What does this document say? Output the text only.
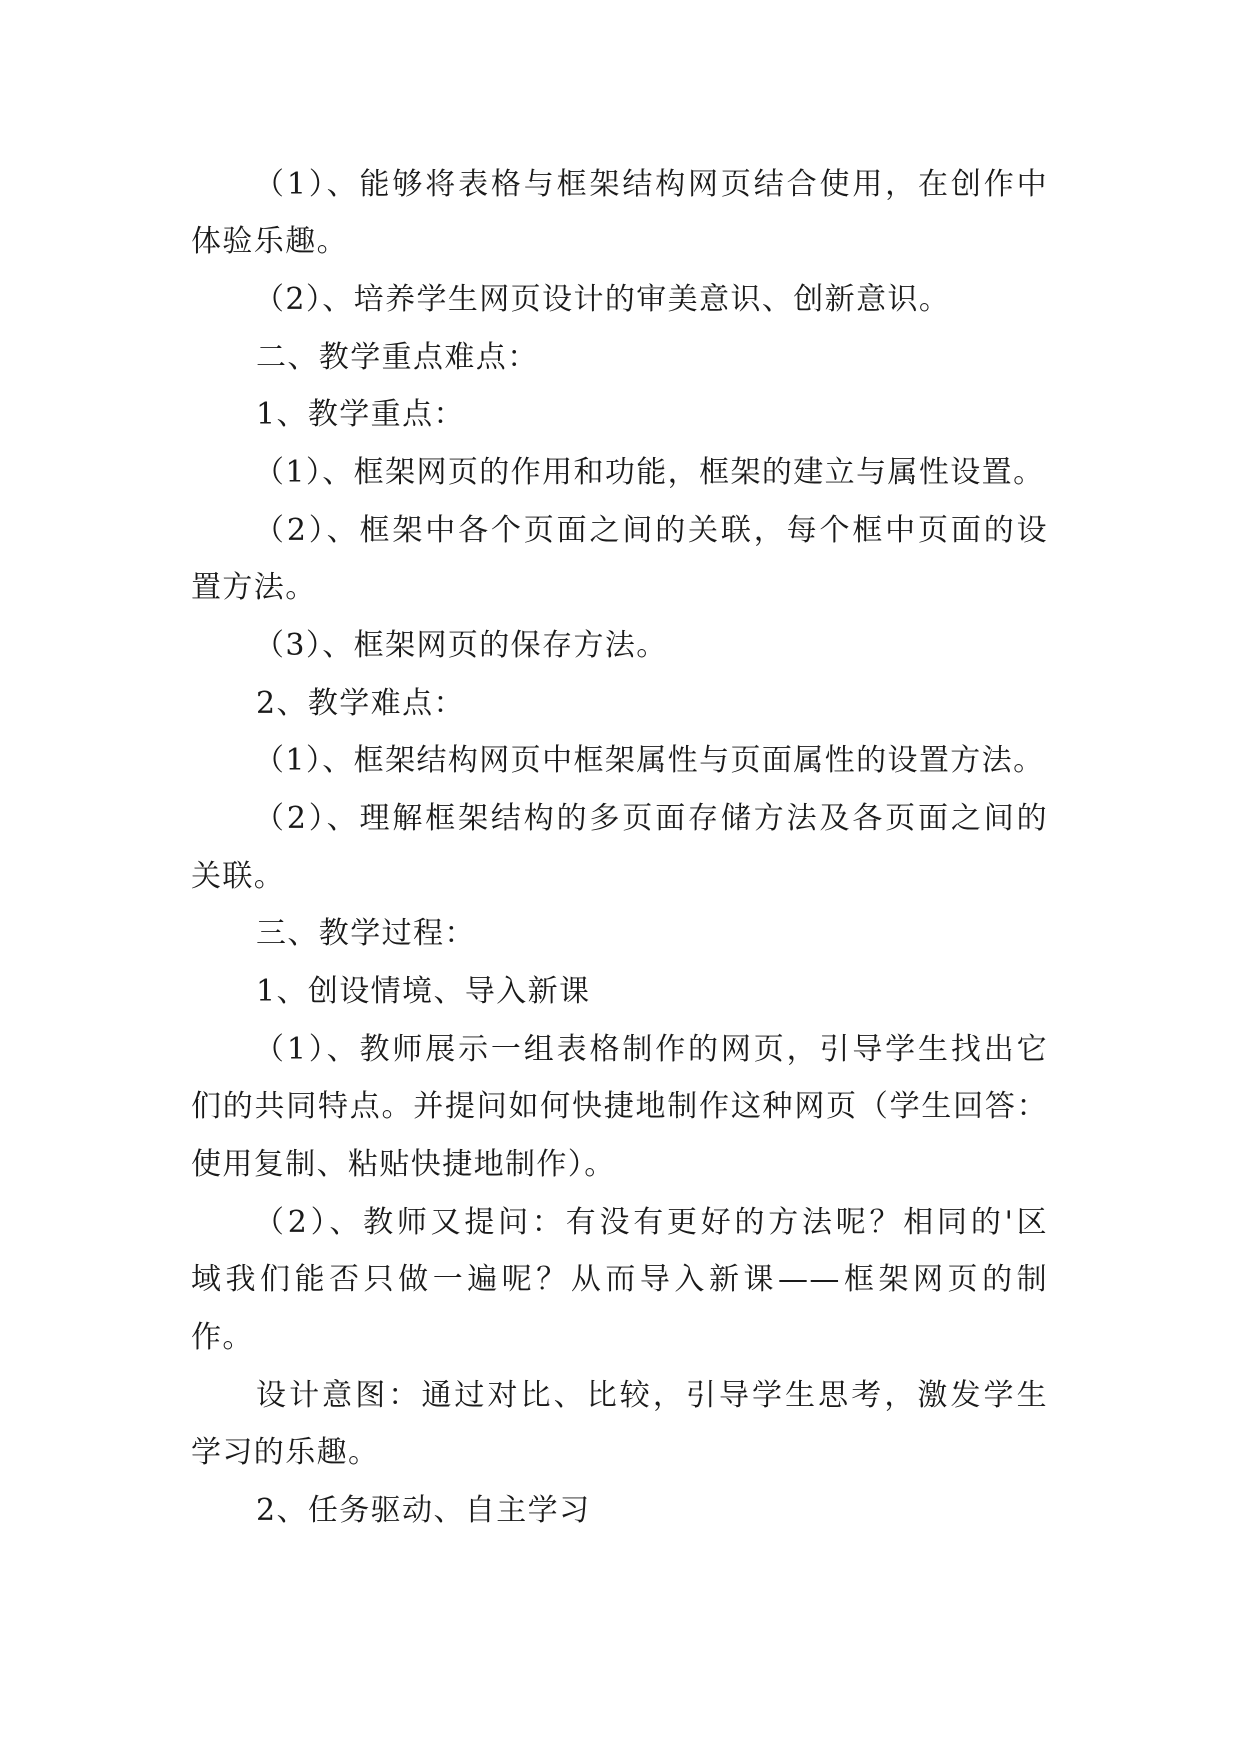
（1）、能够将表格与框架结构网页结合使用，在创作中
体验乐趣。
（2）、培养学生网页设计的审美意识、创新意识。
二、教学重点难点：
1、教学重点：
（1）、框架网页的作用和功能，框架的建立与属性设置。
（2）、框架中各个页面之间的关联，每个框中页面的设
置方法。
（3）、框架网页的保存方法。
2、教学难点：
（1）、框架结构网页中框架属性与页面属性的设置方法。
（2）、理解框架结构的多页面存储方法及各页面之间的
关联。
三、教学过程：
1、创设情境、导入新课
（1）、教师展示一组表格制作的网页，引导学生找出它
们的共同特点。并提问如何快捷地制作这种网页（学生回答：
使用复制、粘贴快捷地制作）。
（2）、教师又提问：有没有更好的方法呢？相同的'区
域我们能否只做一遍呢？从而导入新课——框架网页的制
作。
设计意图：通过对比、比较，引导学生思考，激发学生
学习的乐趣。
2、任务驱动、自主学习
